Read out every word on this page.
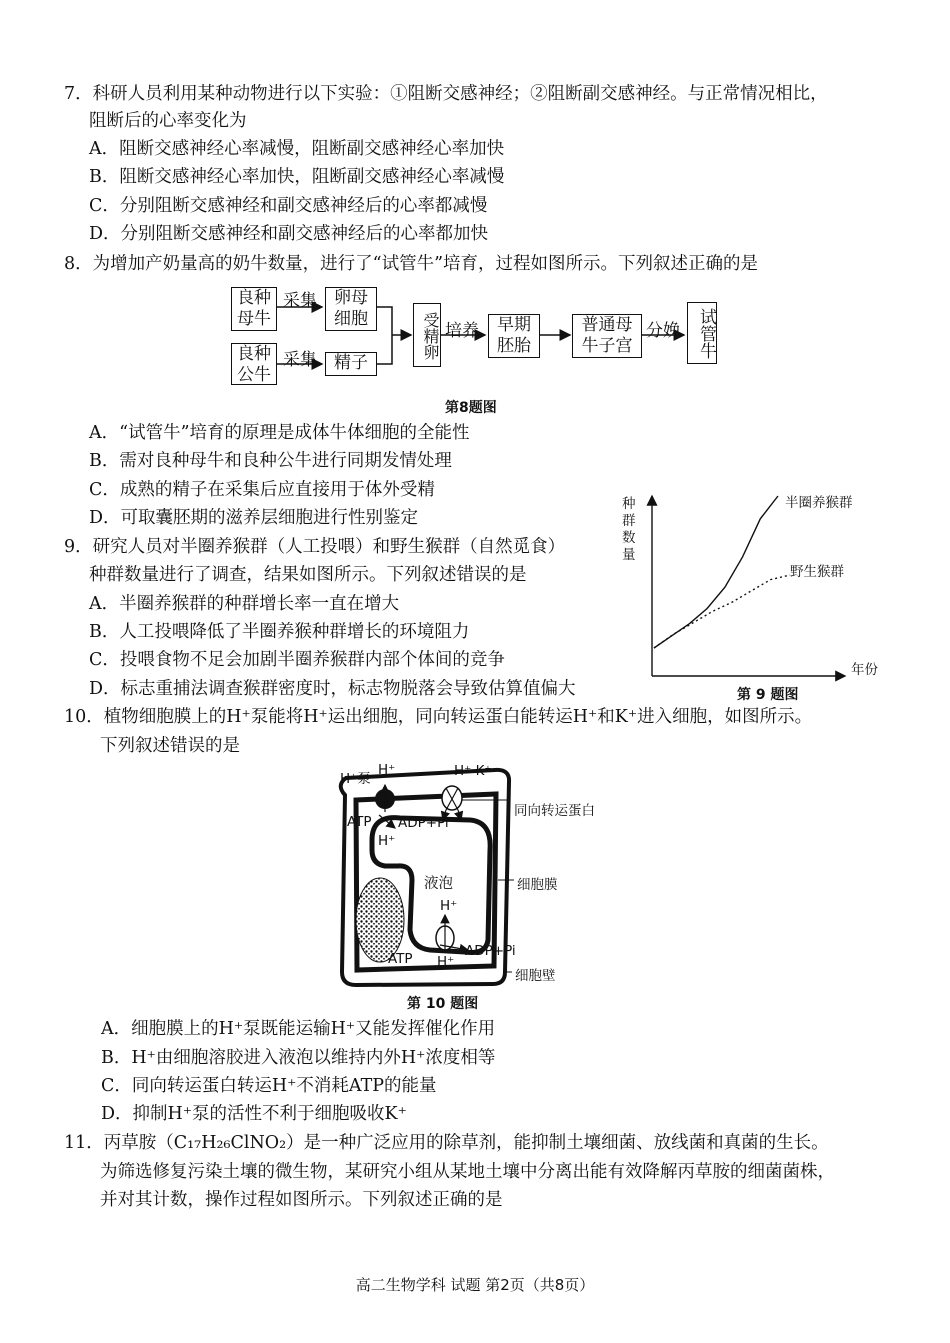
7．科研人员利用某种动物进行以下实验：①阻断交感神经；②阻断副交感神经。与正常情况相比，
阻断后的心率变化为
A．阻断交感神经心率减慢，阻断副交感神经心率加快
B．阻断交感神经心率加快，阻断副交感神经心率减慢
C．分别阻断交感神经和副交感神经后的心率都减慢
D．分别阻断交感神经和副交感神经后的心率都加快
8．为增加产奶量高的奶牛数量，进行了“试管牛”培育，过程如图所示。下列叙述正确的是
良种
母牛
采集	卵母
细胞
良种
公牛
采集	精子
受精卵 培养	早期
胚胎
普通母
牛子宫
分娩 试管牛
第8题图
A．“试管牛”培育的原理是成体牛体细胞的全能性
B．需对良种母牛和良种公牛进行同期发情处理
C．成熟的精子在采集后应直接用于体外受精
D．可取囊胚期的滋养层细胞进行性别鉴定
种
群
数
量
半圈养猴群
野生猴群
年份
第 9 题图
9．研究人员对半圈养猴群（人工投喂）和野生猴群（自然觅食）
种群数量进行了调查，结果如图所示。下列叙述错误的是
A．半圈养猴群的种群增长率一直在增大
B．人工投喂降低了半圈养猴种群增长的环境阻力
C．投喂食物不足会加剧半圈养猴群内部个体间的竞争
D．标志重捕法调查猴群密度时，标志物脱落会导致估算值偏大
10．植物细胞膜上的H⁺泵能将H⁺运出细胞，同向转运蛋白能转运H⁺和K⁺进入细胞，如图所示。
下列叙述错误的是
H⁺泵
H⁺
ATP ADP+Pi
H⁺
H⁺ K⁺
同向转运蛋白
液泡	细胞膜
H⁺
ATP H⁺
ADP+Pi
细胞壁
第 10 题图
A．细胞膜上的H⁺泵既能运输H⁺又能发挥催化作用
B．H⁺由细胞溶胶进入液泡以维持内外H⁺浓度相等
C．同向转运蛋白转运H⁺不消耗ATP的能量
D．抑制H⁺泵的活性不利于细胞吸收K⁺
11．丙草胺（C₁₇H₂₆ClNO₂）是一种广泛应用的除草剂，能抑制土壤细菌、放线菌和真菌的生长。
为筛选修复污染土壤的微生物，某研究小组从某地土壤中分离出能有效降解丙草胺的细菌菌株，
并对其计数，操作过程如图所示。下列叙述正确的是
高二生物学科 试题 第2页（共8页）
